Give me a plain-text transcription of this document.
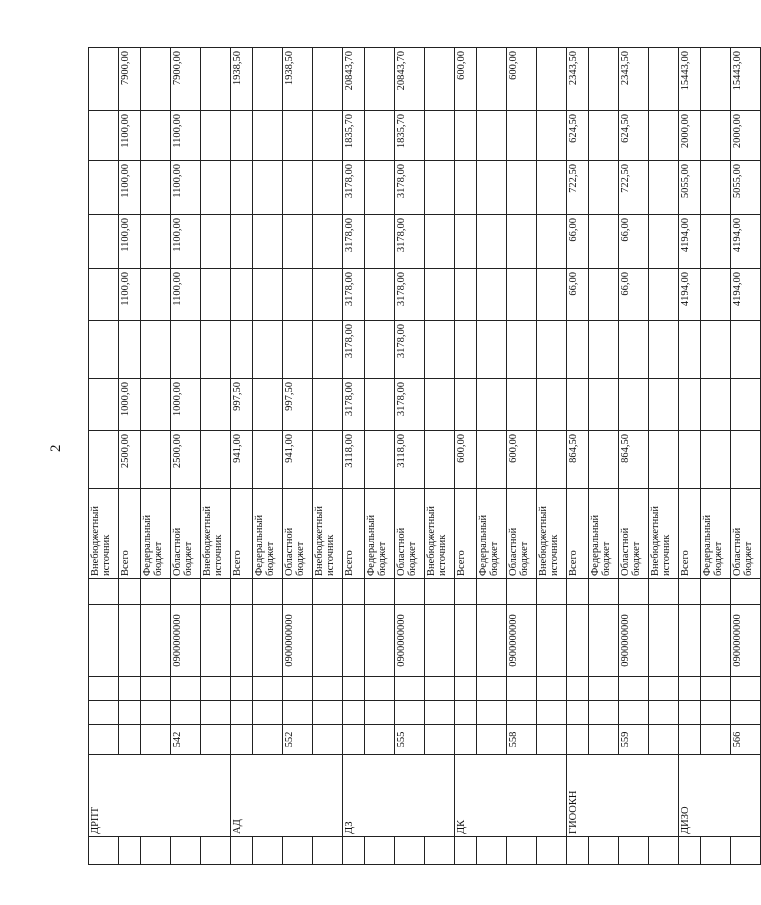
2
	ДРПТ						Внебюджетный источник								
							Всего	2500,00	1000,00		1100,00	1100,00	1100,00	1100,00	7900,00
							Федеральный бюджет								
		542			0900000000		Областной бюджет	2500,00	1000,00		1100,00	1100,00	1100,00	1100,00	7900,00
							Внебюджетный источник								
	АД						Всего	941,00	997,50						1938,50
							Федеральный бюджет								
		552			0900000000		Областной бюджет	941,00	997,50						1938,50
							Внебюджетный источник								
	ДЗ						Всего	3118,00	3178,00	3178,00	3178,00	3178,00	3178,00	1835,70	20843,70
							Федеральный бюджет								
		555			0900000000		Областной бюджет	3118,00	3178,00	3178,00	3178,00	3178,00	3178,00	1835,70	20843,70
							Внебюджетный источник								
	ДК						Всего	600,00							600,00
							Федеральный бюджет								
		558			0900000000		Областной бюджет	600,00							600,00
							Внебюджетный источник								
	ГИООКН						Всего	864,50			66,00	66,00	722,50	624,50	2343,50
							Федеральный бюджет								
		559			0900000000		Областной бюджет	864,50			66,00	66,00	722,50	624,50	2343,50
							Внебюджетный источник								
	ДИЗО						Всего				4194,00	4194,00	5055,00	2000,00	15443,00
							Федеральный бюджет								
		566			0900000000		Областной бюджет				4194,00	4194,00	5055,00	2000,00	15443,00
